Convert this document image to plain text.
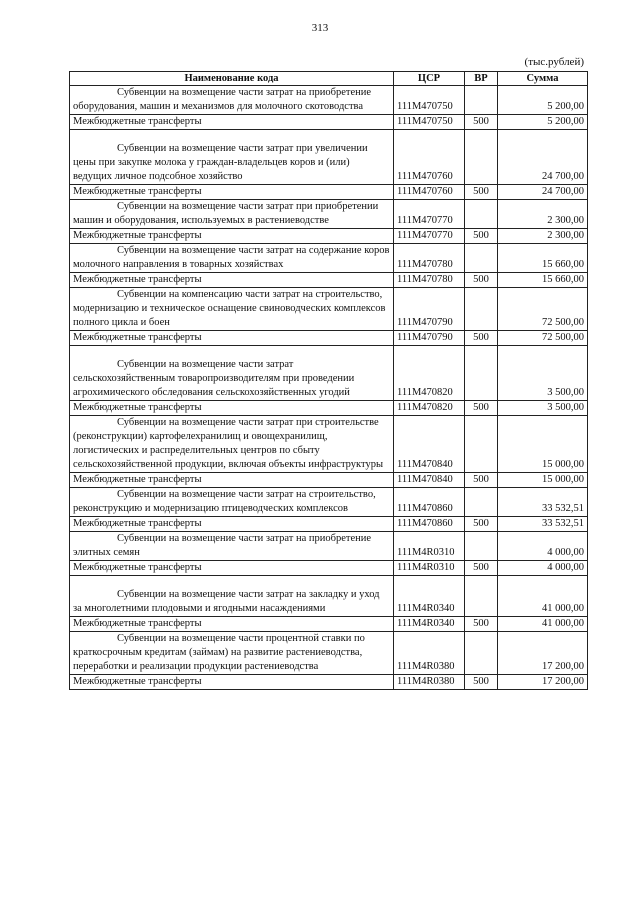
313
(тыс.рублей)
Наименование кода	ЦСР	ВР	Сумма
Субвенции на возмещение части затрат на приобретение оборудования, машин и механизмов для молочного скотоводства	111M470750		5 200,00
Межбюджетные трансферты	111M470750	500	5 200,00

Субвенции на возмещение части затрат при увеличении цены при закупке молока у граждан-владельцев коров и (или) ведущих личное подсобное хозяйство	111M470760		24 700,00
Межбюджетные трансферты	111M470760	500	24 700,00
Субвенции на возмещение части затрат при приобретении машин и оборудования, используемых в растениеводстве	111M470770		2 300,00
Межбюджетные трансферты	111M470770	500	2 300,00
Субвенции на возмещение части затрат на содержание коров молочного направления в товарных хозяйствах	111M470780		15 660,00
Межбюджетные трансферты	111M470780	500	15 660,00
Субвенции на компенсацию части затрат на строительство, модернизацию и техническое оснащение свиноводческих комплексов полного цикла и боен	111M470790		72 500,00
Межбюджетные трансферты	111M470790	500	72 500,00

Субвенции на возмещение части затрат сельскохозяйственным товаропроизводителям при проведении агрохимического обследования сельскохозяйственных угодий	111M470820		3 500,00
Межбюджетные трансферты	111M470820	500	3 500,00
Субвенции на возмещение части затрат при строительстве (реконструкции) картофелехранилищ и овощехранилищ, логистических и распределительных центров по сбыту сельскохозяйственной продукции, включая объекты инфраструктуры	111M470840		15 000,00
Межбюджетные трансферты	111M470840	500	15 000,00
Субвенции на возмещение части затрат на строительство, реконструкцию и модернизацию птицеводческих комплексов	111M470860		33 532,51
Межбюджетные трансферты	111M470860	500	33 532,51
Субвенции на возмещение части затрат на приобретение элитных семян	111M4R0310		4 000,00
Межбюджетные трансферты	111M4R0310	500	4 000,00

Субвенции на возмещение части затрат на закладку и уход за многолетними плодовыми и ягодными насаждениями	111M4R0340		41 000,00
Межбюджетные трансферты	111M4R0340	500	41 000,00
Субвенции на возмещение части процентной ставки по краткосрочным кредитам (займам) на развитие растениеводства, переработки и реализации продукции растениеводства	111M4R0380		17 200,00
Межбюджетные трансферты	111M4R0380	500	17 200,00
